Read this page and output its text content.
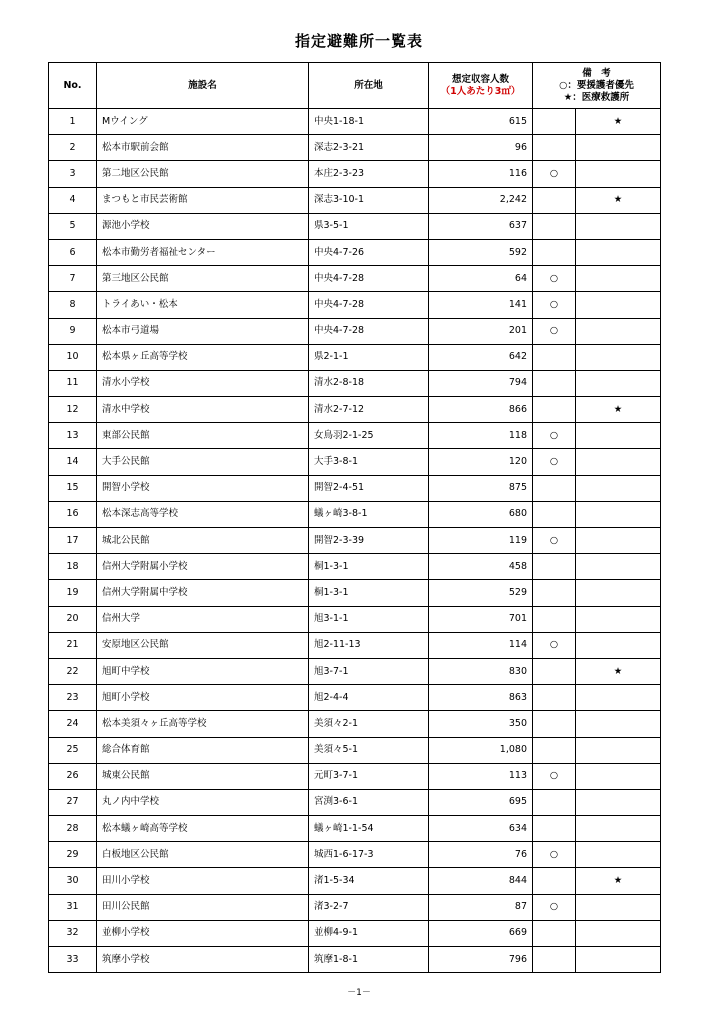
指定避難所一覧表
No.	施設名	所在地	想定収容人数
（1人あたり3㎡）	備　考
○：要援護者優先
★：医療救護所	

1	Mウイング	中央1-18-1	615		★
2	松本市駅前会館	深志2-3-21	96		
3	第二地区公民館	本庄2-3-23	116	○	
4	まつもと市民芸術館	深志3-10-1	2,242		★
5	源池小学校	県3-5-1	637		
6	松本市勤労者福祉センター	中央4-7-26	592		
7	第三地区公民館	中央4-7-28	64	○	
8	トライあい・松本	中央4-7-28	141	○	
9	松本市弓道場	中央4-7-28	201	○	
10	松本県ヶ丘高等学校	県2-1-1	642		
11	清水小学校	清水2-8-18	794		
12	清水中学校	清水2-7-12	866		★
13	東部公民館	女鳥羽2-1-25	118	○	
14	大手公民館	大手3-8-1	120	○	
15	開智小学校	開智2-4-51	875		
16	松本深志高等学校	蟻ヶ崎3-8-1	680		
17	城北公民館	開智2-3-39	119	○	
18	信州大学附属小学校	桐1-3-1	458		
19	信州大学附属中学校	桐1-3-1	529		
20	信州大学	旭3-1-1	701		
21	安原地区公民館	旭2-11-13	114	○	
22	旭町中学校	旭3-7-1	830		★
23	旭町小学校	旭2-4-4	863		
24	松本美須々ヶ丘高等学校	美須々2-1	350		
25	総合体育館	美須々5-1	1,080		
26	城東公民館	元町3-7-1	113	○	
27	丸ノ内中学校	宮渕3-6-1	695		
28	松本蟻ヶ崎高等学校	蟻ヶ崎1-1-54	634		
29	白板地区公民館	城西1-6-17-3	76	○	
30	田川小学校	渚1-5-34	844		★
31	田川公民館	渚3-2-7	87	○	
32	並柳小学校	並柳4-9-1	669		
33	筑摩小学校	筑摩1-8-1	796		
－1－
